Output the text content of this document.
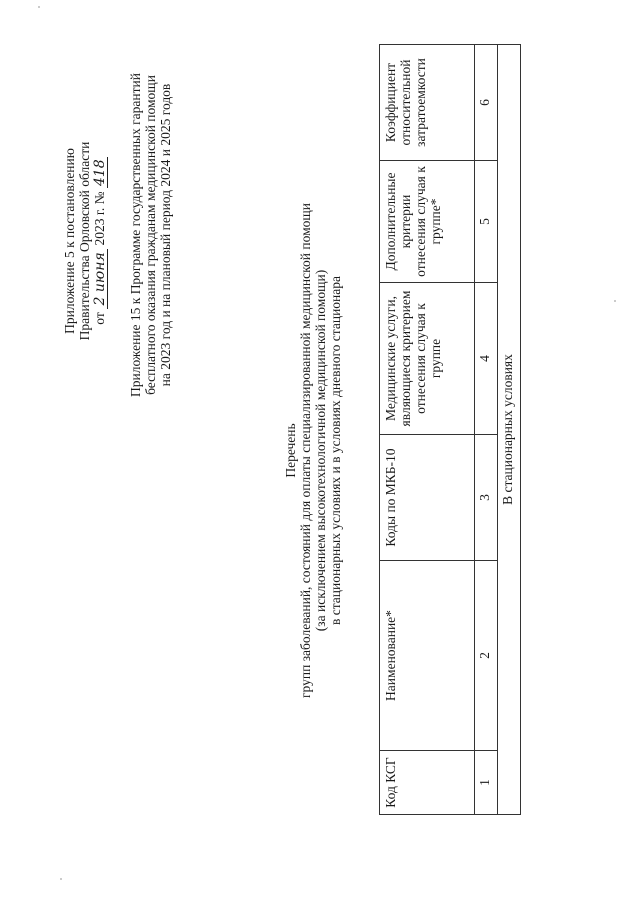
Приложение 5 к постановлению Правительства Орловской области от 2 июня 2023 г. № 418 Приложение 15 к Программе государственных гарантий бесплатного оказания гражданам медицинской помощи на 2023 год и на плановый период 2024 и 2025 годов
Перечень групп заболеваний, состояний для оплаты специализированной медицинской помощи (за исключением высокотехнологичной медицинской помощи) в стационарных условиях и в условиях дневного стационара
Код КСГ	Наименование*	Коды по МКБ-10	Медицинские услуги, являющиеся критерием отнесения случая к группе	Дополнительные критерии отнесения случая к группе*	Коэффициент относительной затратоемкости
1	2	3	4	5	6
В стационарных условиях					
